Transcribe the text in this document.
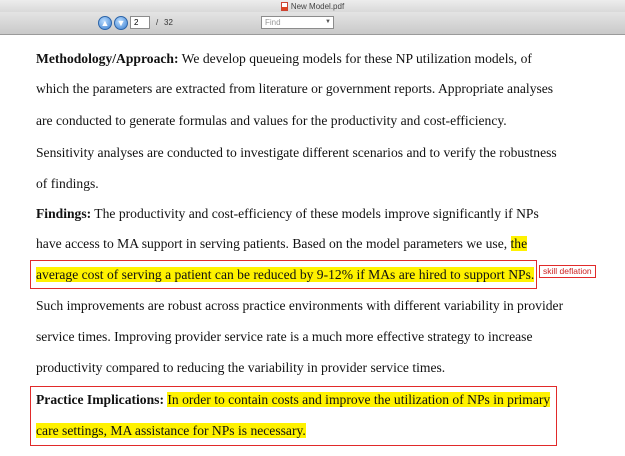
New Model.pdf
▲ ▼	2	/ 32	Find	▼
Methodology/Approach: We develop queueing models for these NP utilization models, of
which the parameters are extracted from literature or government reports. Appropriate analyses
are conducted to generate formulas and values for the productivity and cost-efficiency.
Sensitivity analyses are conducted to investigate different scenarios and to verify the robustness
of findings.
Findings: The productivity and cost-efficiency of these models improve significantly if NPs
have access to MA support in serving patients. Based on the model parameters we use, the
average cost of serving a patient can be reduced by 9-12% if MAs are hired to support NPs.
Such improvements are robust across practice environments with different variability in provider
service times. Improving provider service rate is a much more effective strategy to increase
productivity compared to reducing the variability in provider service times.
Practice Implications: In order to contain costs and improve the utilization of NPs in primary
care settings, MA assistance for NPs is necessary.
skill deflation
